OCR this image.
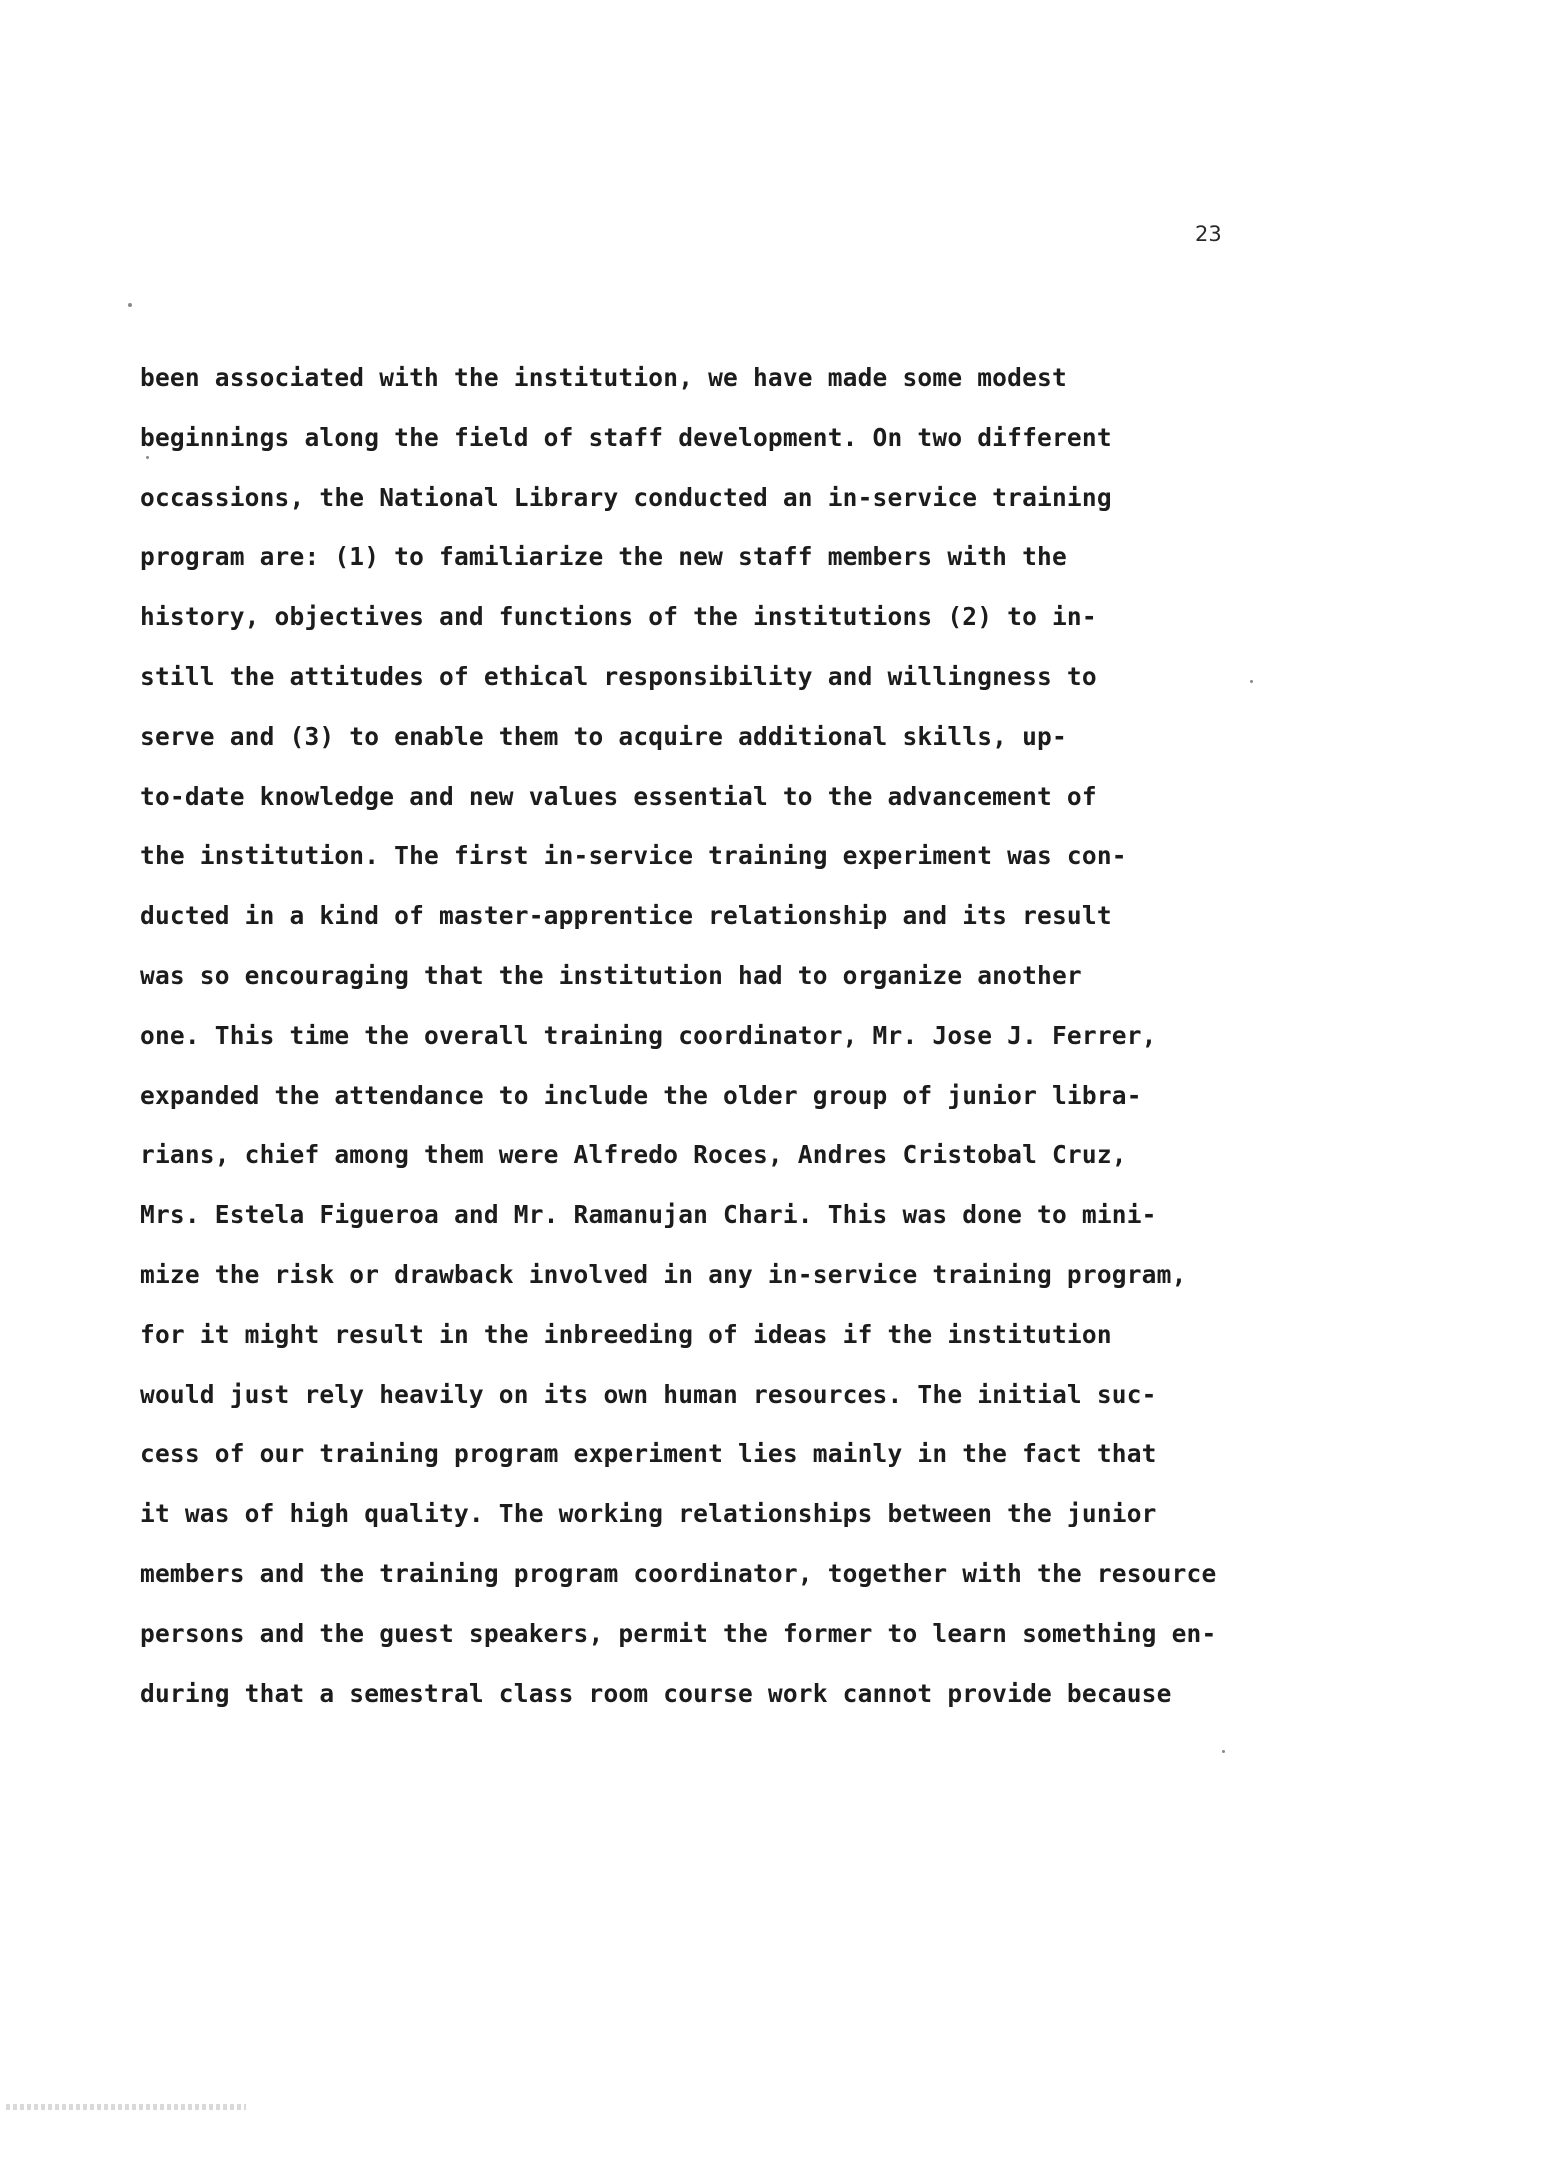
23
been associated with the institution, we have made some modest
beginnings along the field of staff development. On two different
occassions, the National Library conducted an in-service training
program are: (1) to familiarize the new staff members with the
history, objectives and functions of the institutions (2) to in-
still the attitudes of ethical responsibility and willingness to
serve and (3) to enable them to acquire additional skills, up-
to-date knowledge and new values essential to the advancement of
the institution. The first in-service training experiment was con-
ducted in a kind of master-apprentice relationship and its result
was so encouraging that the institution had to organize another
one. This time the overall training coordinator, Mr. Jose J. Ferrer,
expanded the attendance to include the older group of junior libra-
rians, chief among them were Alfredo Roces, Andres Cristobal Cruz,
Mrs. Estela Figueroa and Mr. Ramanujan Chari. This was done to mini-
mize the risk or drawback involved in any in-service training program,
for it might result in the inbreeding of ideas if the institution
would just rely heavily on its own human resources. The initial suc-
cess of our training program experiment lies mainly in the fact that
it was of high quality. The working relationships between the junior
members and the training program coordinator, together with the resource
persons and the guest speakers, permit the former to learn something en-
during that a semestral class room course work cannot provide because
